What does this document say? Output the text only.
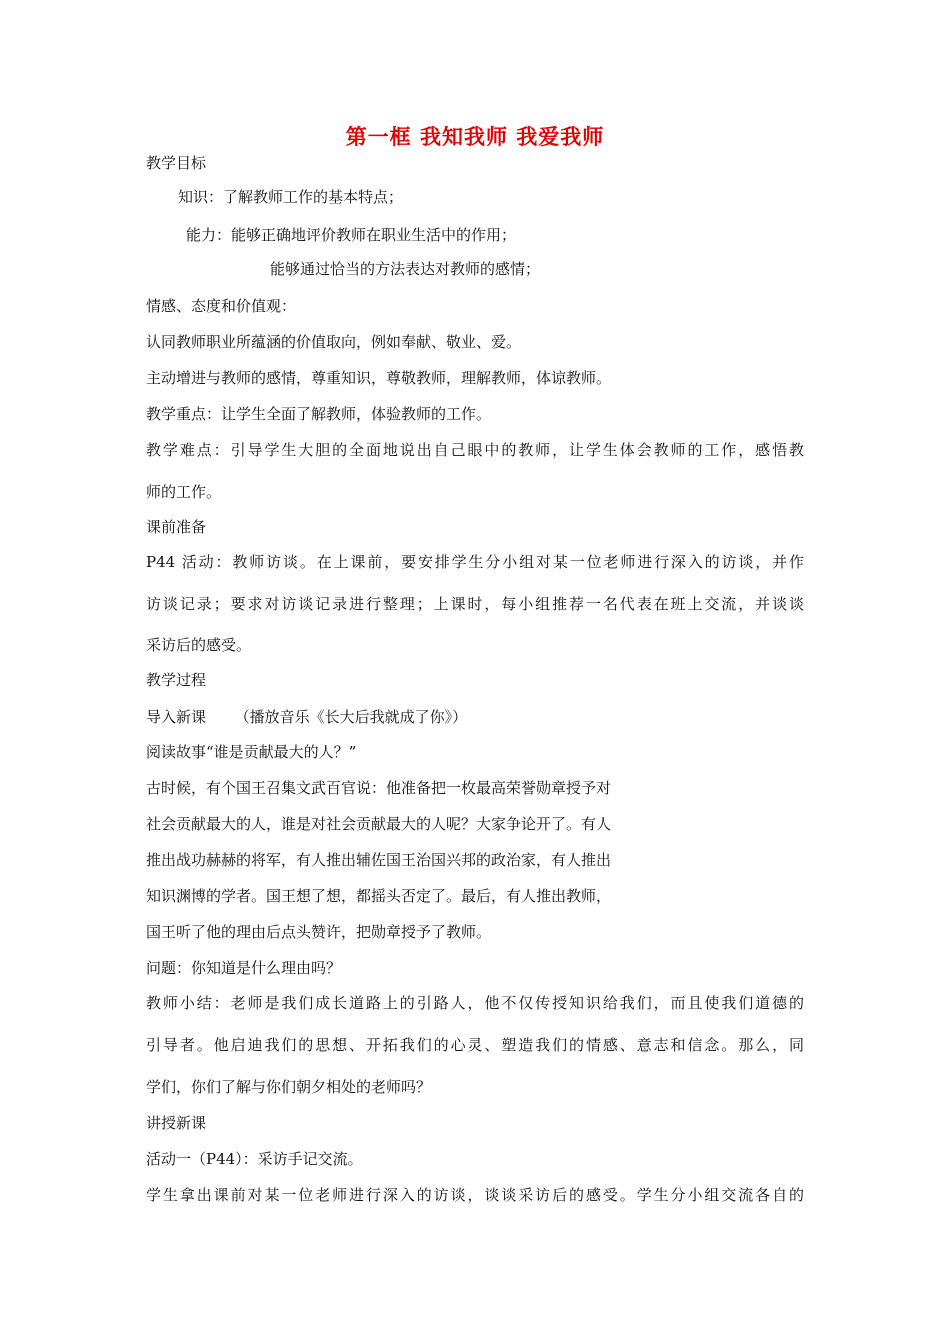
第一框 我知我师 我爱我师
教学目标
知识：了解教师工作的基本特点；
能力：能够正确地评价教师在职业生活中的作用；
能够通过恰当的方法表达对教师的感情；
情感、态度和价值观：
认同教师职业所蕴涵的价值取向，例如奉献、敬业、爱。
主动增进与教师的感情，尊重知识，尊敬教师，理解教师，体谅教师。
教学重点：让学生全面了解教师，体验教师的工作。
教学难点：引导学生大胆的全面地说出自己眼中的教师，让学生体会教师的工作，感悟教
师的工作。
课前准备
P44 活动：教师访谈。在上课前，要安排学生分小组对某一位老师进行深入的访谈，并作
访谈记录；要求对访谈记录进行整理；上课时，每小组推荐一名代表在班上交流，并谈谈
采访后的感受。
教学过程
导入新课      （播放音乐《长大后我就成了你》）
阅读故事“谁是贡献最大的人？”
古时候，有个国王召集文武百官说：他准备把一枚最高荣誉勋章授予对
社会贡献最大的人，谁是对社会贡献最大的人呢？大家争论开了。有人
推出战功赫赫的将军，有人推出辅佐国王治国兴邦的政治家，有人推出
知识渊博的学者。国王想了想，都摇头否定了。最后，有人推出教师，
国王听了他的理由后点头赞许，把勋章授予了教师。
问题：你知道是什么理由吗？
教师小结：老师是我们成长道路上的引路人，他不仅传授知识给我们，而且使我们道德的
引导者。他启迪我们的思想、开拓我们的心灵、塑造我们的情感、意志和信念。那么，同
学们，你们了解与你们朝夕相处的老师吗？
讲授新课
活动一（P44）：采访手记交流。
学生拿出课前对某一位老师进行深入的访谈，谈谈采访后的感受。学生分小组交流各自的
